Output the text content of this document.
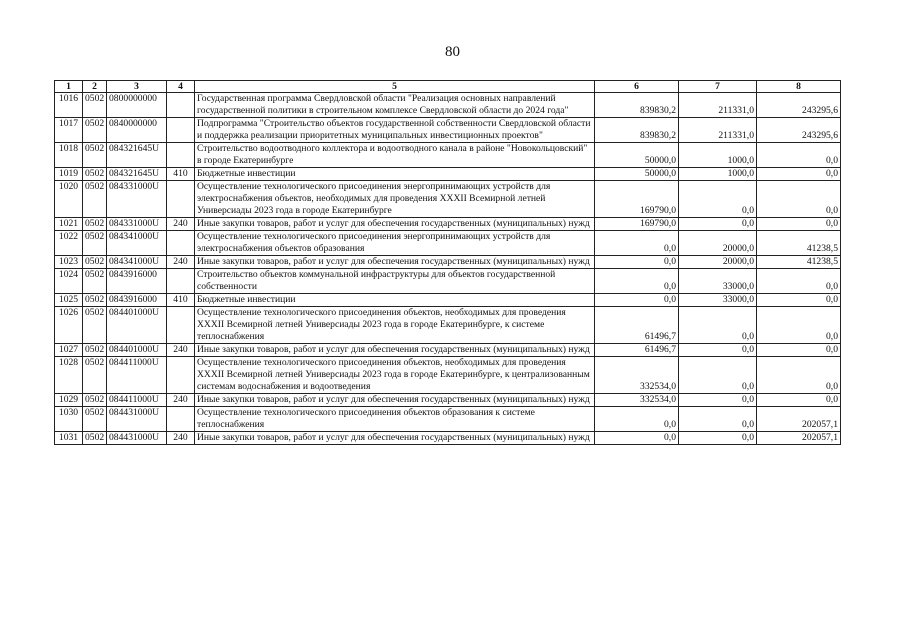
80
1	2	3	4	5	6	7	8
1016	0502	0800000000		Государственная программа Свердловской области "Реализация основных направлений государственной политики в строительном комплексе Свердловской области до 2024 года"	839830,2	211331,0	243295,6
1017	0502	0840000000		Подпрограмма "Строительство объектов государственной собственности Свердловской области и поддержка реализации приоритетных муниципальных инвестиционных проектов"	839830,2	211331,0	243295,6
1018	0502	084321645U		Строительство водоотводного коллектора и водоотводного канала в районе "Новокольцовский" в городе Екатеринбурге	50000,0	1000,0	0,0
1019	0502	084321645U	410	Бюджетные инвестиции	50000,0	1000,0	0,0
1020	0502	084331000U		Осуществление технологического присоединения энергопринимающих устройств для электроснабжения объектов, необходимых для проведения XXXII Всемирной летней Универсиады 2023 года в городе Екатеринбурге	169790,0	0,0	0,0
1021	0502	084331000U	240	Иные закупки товаров, работ и услуг для обеспечения государственных (муниципальных) нужд	169790,0	0,0	0,0
1022	0502	084341000U		Осуществление технологического присоединения энергопринимающих устройств для электроснабжения объектов образования	0,0	20000,0	41238,5
1023	0502	084341000U	240	Иные закупки товаров, работ и услуг для обеспечения государственных (муниципальных) нужд	0,0	20000,0	41238,5
1024	0502	0843916000		Строительство объектов коммунальной инфраструктуры для объектов государственной собственности	0,0	33000,0	0,0
1025	0502	0843916000	410	Бюджетные инвестиции	0,0	33000,0	0,0
1026	0502	084401000U		Осуществление технологического присоединения объектов, необходимых для проведения XXXII Всемирной летней Универсиады 2023 года в городе Екатеринбурге, к системе теплоснабжения	61496,7	0,0	0,0
1027	0502	084401000U	240	Иные закупки товаров, работ и услуг для обеспечения государственных (муниципальных) нужд	61496,7	0,0	0,0
1028	0502	084411000U		Осуществление технологического присоединения объектов, необходимых для проведения XXXII Всемирной летней Универсиады 2023 года в городе Екатеринбурге, к централизованным системам водоснабжения и водоотведения	332534,0	0,0	0,0
1029	0502	084411000U	240	Иные закупки товаров, работ и услуг для обеспечения государственных (муниципальных) нужд	332534,0	0,0	0,0
1030	0502	084431000U		Осуществление технологического присоединения объектов образования к системе теплоснабжения	0,0	0,0	202057,1
1031	0502	084431000U	240	Иные закупки товаров, работ и услуг для обеспечения государственных (муниципальных) нужд	0,0	0,0	202057,1
